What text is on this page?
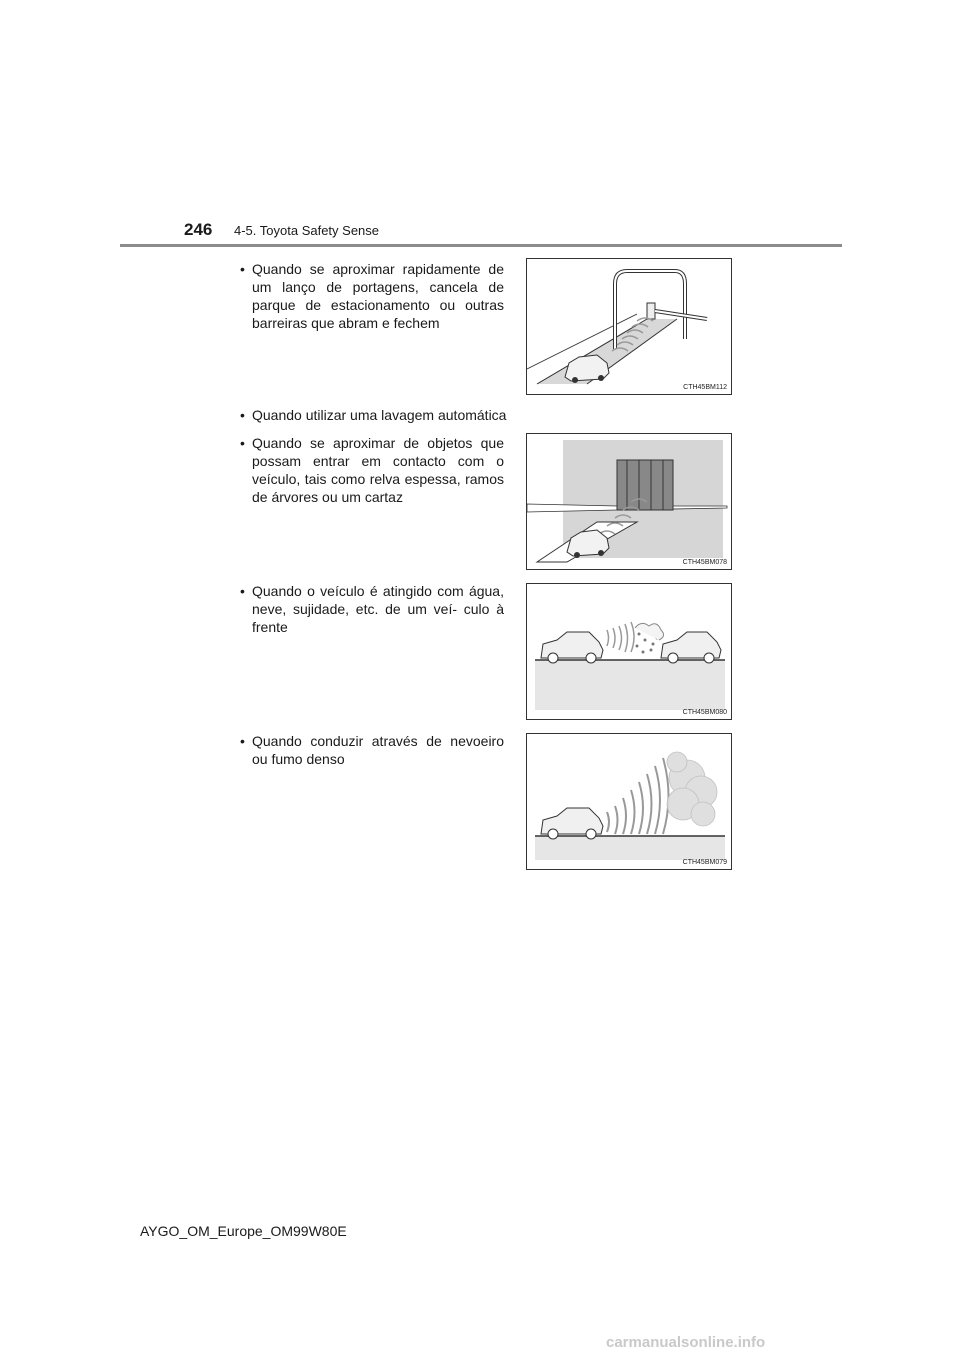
246 4-5. Toyota Safety Sense
• Quando se aproximar rapidamente de um lanço de portagens, cancela de parque de estacionamento ou outras barreiras que abram e fechem
• Quando utilizar uma lavagem automática
• Quando se aproximar de objetos que possam entrar em contacto com o veículo, tais como relva espessa, ramos de árvores ou um cartaz
• Quando o veículo é atingido com água, neve, sujidade, etc. de um veí- culo à frente
• Quando conduzir através de nevoeiro ou fumo denso
CTH45BM112
CTH45BM078
CTH45BM080
CTH45BM079
AYGO_OM_Europe_OM99W80E
carmanualsonline.info
